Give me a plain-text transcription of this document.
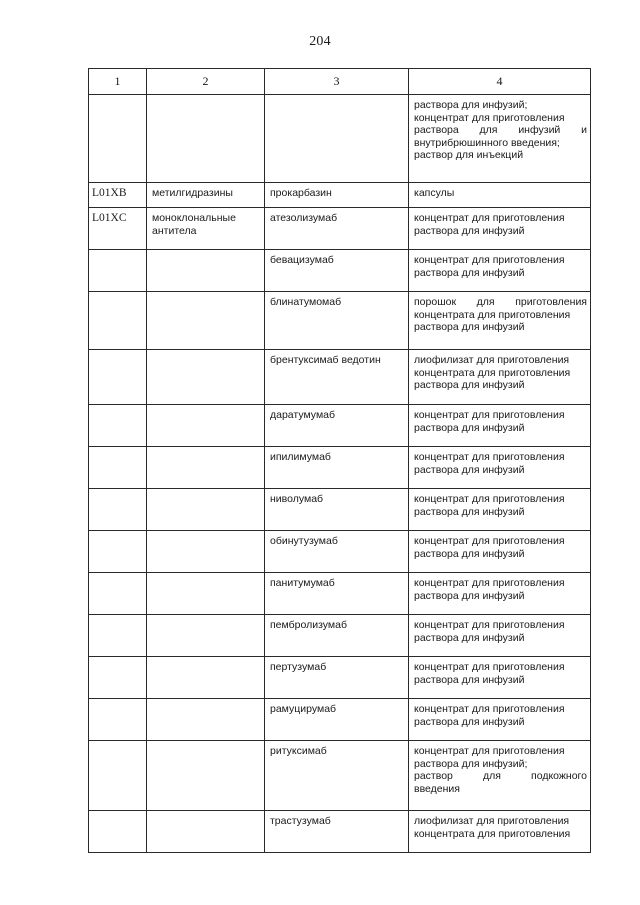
204
1	2	3	4

			раствора для инфузий;

концентрат для приготовления

раствора для инфузий и

внутрибрюшинного введения;

раствор для инъекций

L01XB	метилгидразины	прокарбазин	капсулы

L01XC	моноклональные антитела	атезолизумаб	концентрат для приготовления

раствора для инфузий

		бевацизумаб	концентрат для приготовления

раствора для инфузий

		блинатумомаб	порошок для приготовления

концентрата для приготовления

раствора для инфузий

		брентуксимаб ведотин	лиофилизат для приготовления

концентрата для приготовления

раствора для инфузий

		даратумумаб	концентрат для приготовления

раствора для инфузий

		ипилимумаб	концентрат для приготовления

раствора для инфузий

		ниволумаб	концентрат для приготовления

раствора для инфузий

		обинутузумаб	концентрат для приготовления

раствора для инфузий

		панитумумаб	концентрат для приготовления

раствора для инфузий

		пембролизумаб	концентрат для приготовления

раствора для инфузий

		пертузумаб	концентрат для приготовления

раствора для инфузий

		рамуцирумаб	концентрат для приготовления

раствора для инфузий

		ритуксимаб	концентрат для приготовления

раствора для инфузий;

раствор для подкожного

введения

		трастузумаб	лиофилизат для приготовления

концентрата для приготовления
